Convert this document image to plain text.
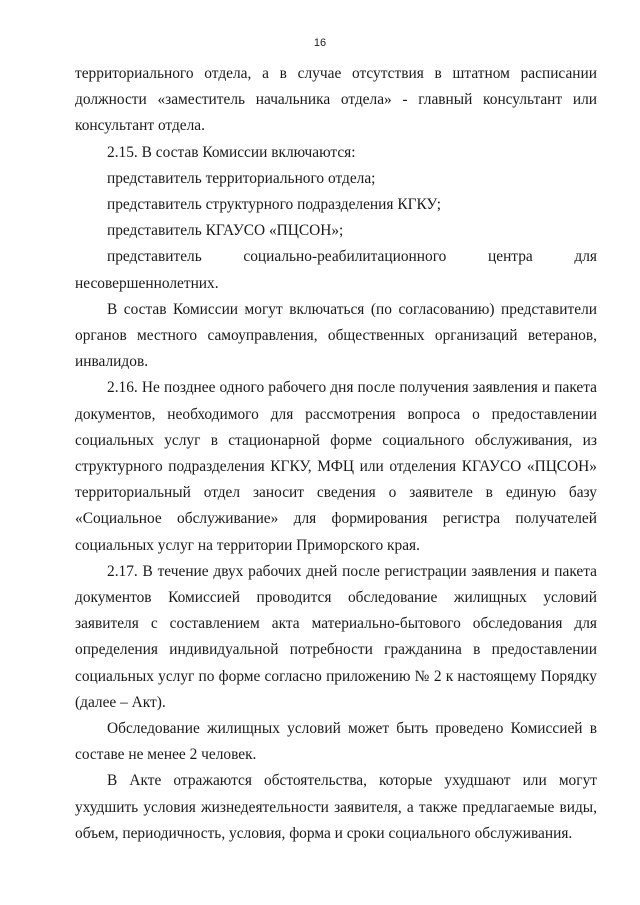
16

территориального отдела, а в случае отсутствия в штатном расписании должности «заместитель начальника отдела» - главный консультант или консультант отдела.

2.15. В состав Комиссии включаются:

представитель территориального отдела;

представитель структурного подразделения КГКУ;

представитель КГАУСО «ПЦСОН»;

представитель социально-реабилитационного центра для

несовершеннолетних.

В состав Комиссии могут включаться (по согласованию) представители органов местного самоуправления, общественных организаций ветеранов, инвалидов.

2.16. Не позднее одного рабочего дня после получения заявления и пакета документов, необходимого для рассмотрения вопроса о предоставлении социальных услуг в стационарной форме социального обслуживания, из структурного подразделения КГКУ, МФЦ или отделения КГАУСО «ПЦСОН» территориальный отдел заносит сведения о заявителе в единую базу «Социальное обслуживание» для формирования регистра получателей социальных услуг на территории Приморского края.

2.17. В течение двух рабочих дней после регистрации заявления и пакета документов Комиссией проводится обследование жилищных условий заявителя с составлением акта материально-бытового обследования для определения индивидуальной потребности гражданина в предоставлении социальных услуг по форме согласно приложению № 2 к настоящему Порядку (далее – Акт).

Обследование жилищных условий может быть проведено Комиссией в составе не менее 2 человек.

В Акте отражаются обстоятельства, которые ухудшают или могут ухудшить условия жизнедеятельности заявителя, а также предлагаемые виды, объем, периодичность, условия, форма и сроки социального обслуживания.
